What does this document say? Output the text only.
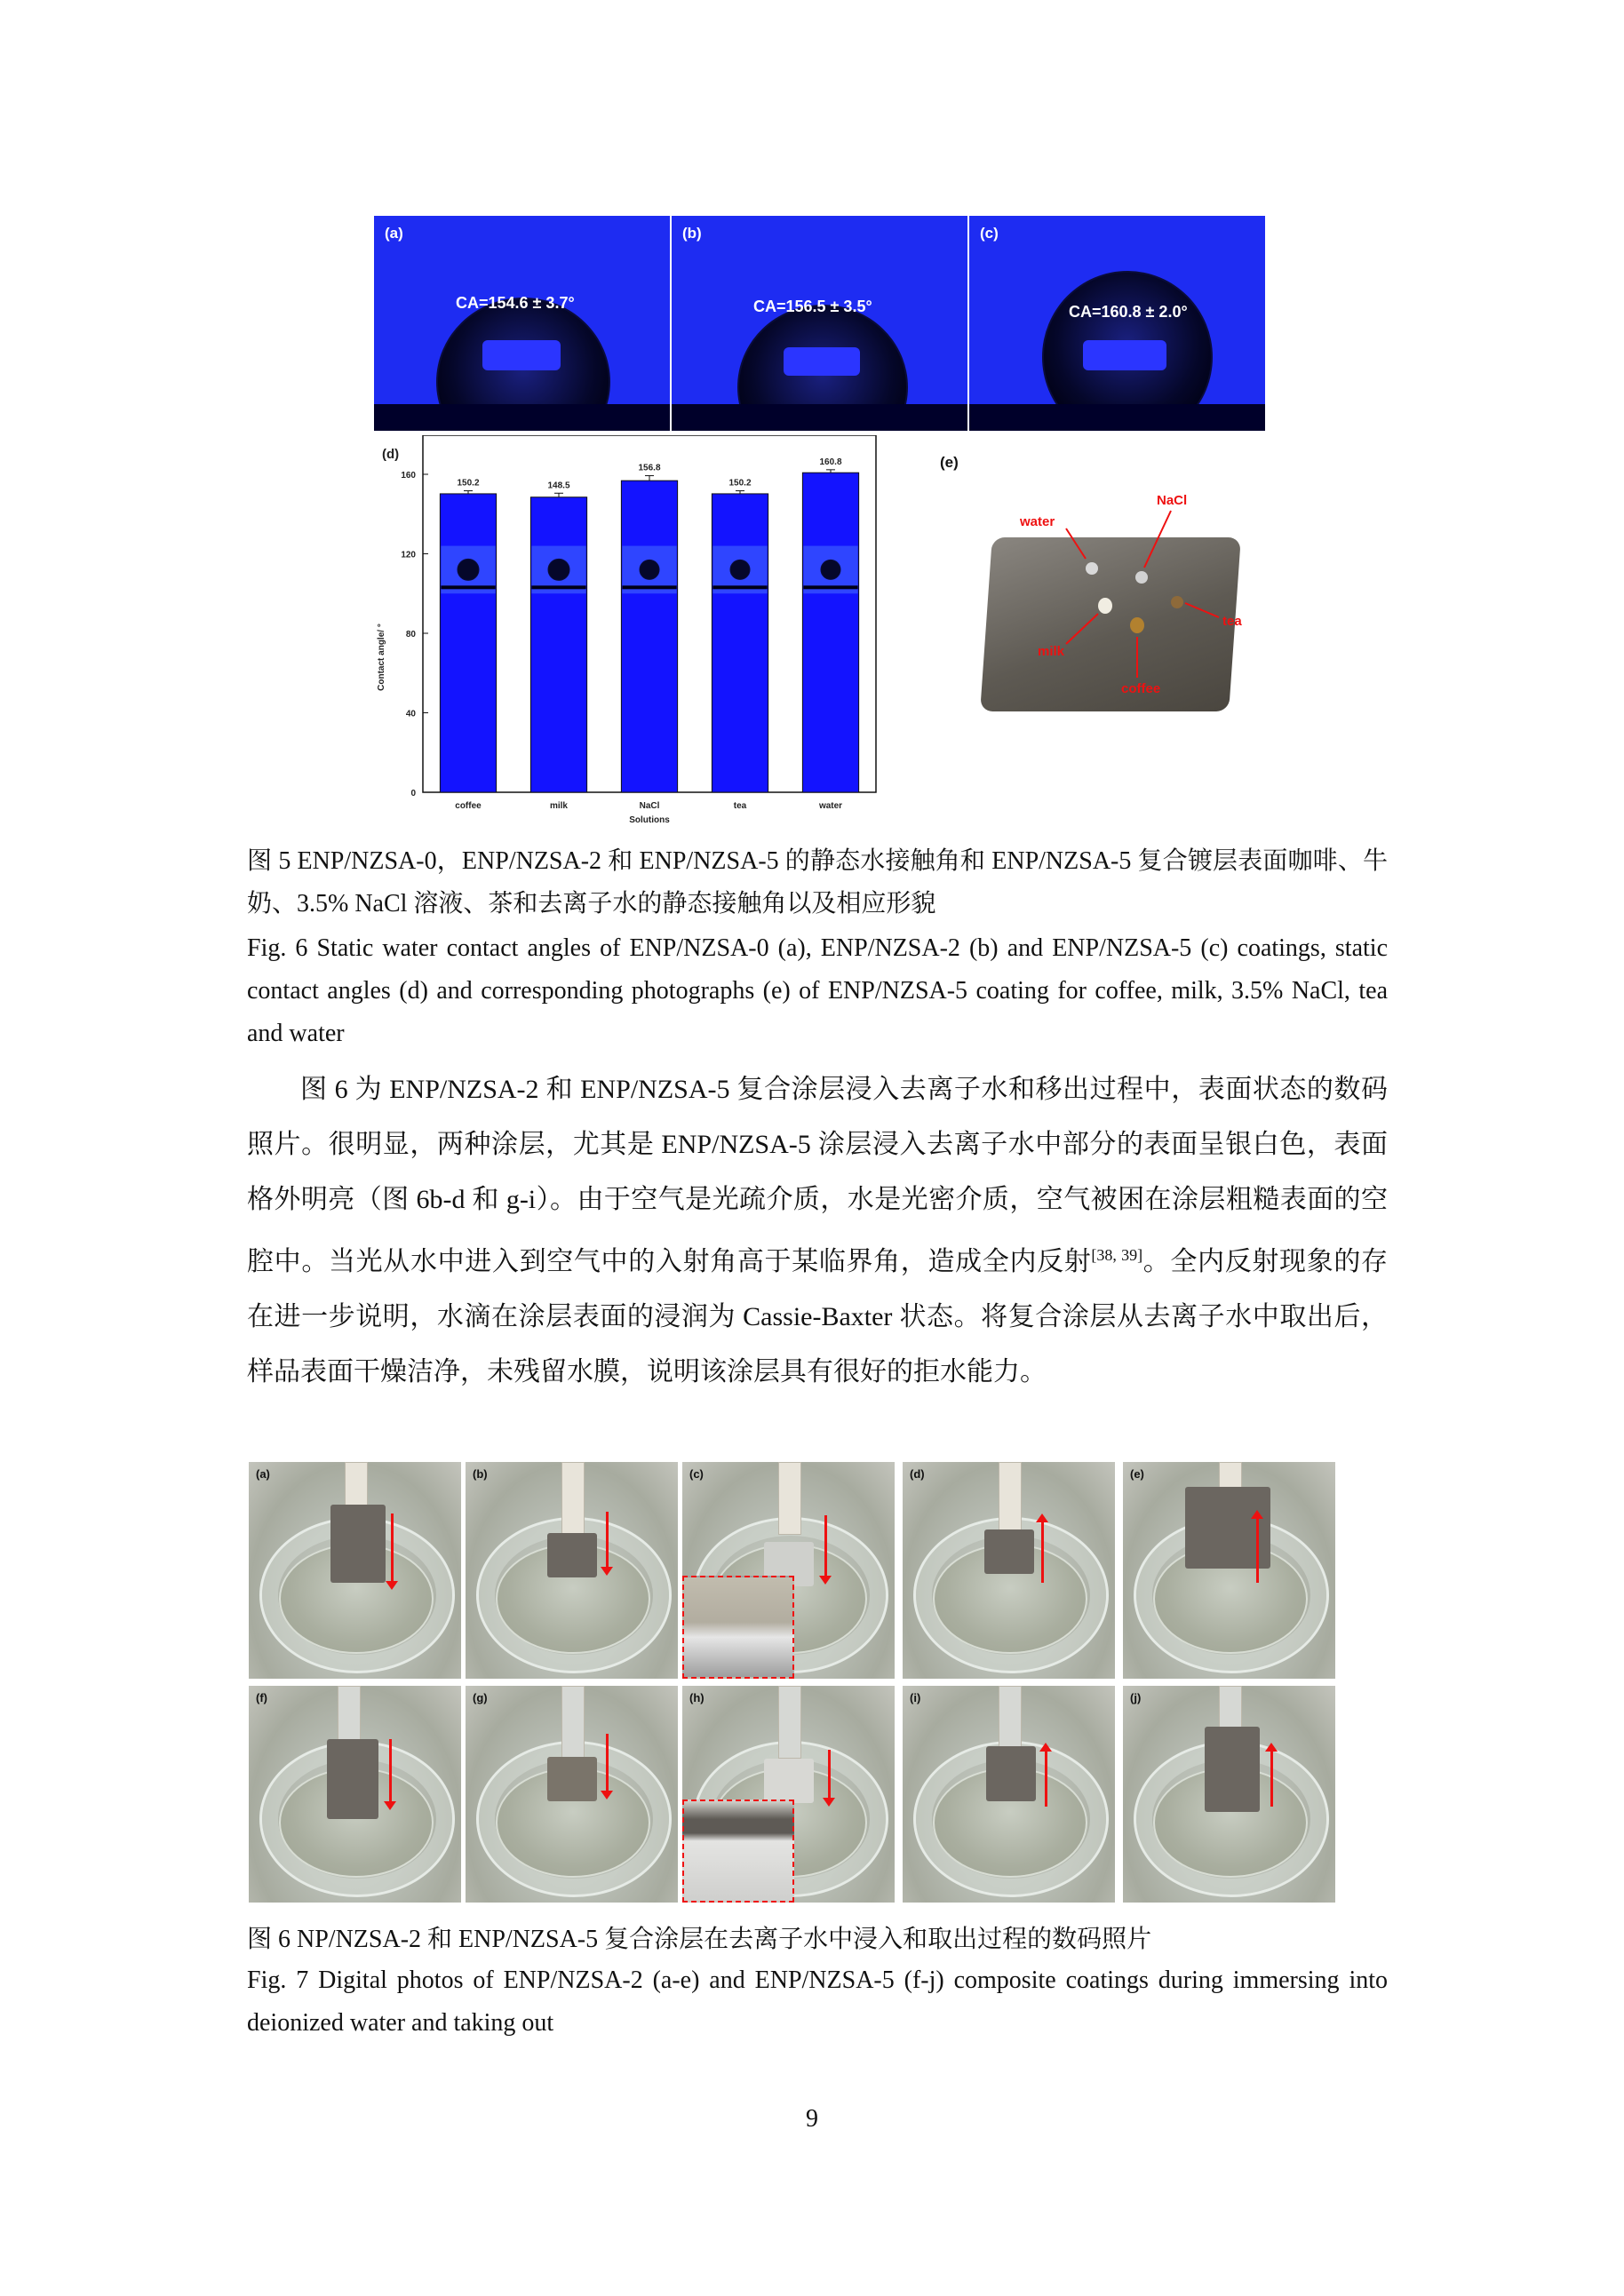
(a)
CA=154.6 ± 3.7°
(b)
CA=156.5 ± 3.5°
(c)
CA=160.8 ± 2.0°
(d)
150.2	148.5
156.8
150.2
160.8
0
40
80
120
160
coffee	milk	NaCl	tea	water
Contact angle/ °
Solutions
(e)
water
NaCl
tea
milk
coffee
图 5 ENP/NZSA-0，ENP/NZSA-2 和 ENP/NZSA-5 的静态水接触角和 ENP/NZSA-5 复合镀层表面咖啡、牛奶、3.5% NaCl 溶液、茶和去离子水的静态接触角以及相应形貌
Fig. 6 Static water contact angles of ENP/NZSA-0 (a), ENP/NZSA-2 (b) and ENP/NZSA-5 (c) coatings, static contact angles (d) and corresponding photographs (e) of ENP/NZSA-5 coating for coffee, milk, 3.5% NaCl, tea and water
图 6 为 ENP/NZSA-2 和 ENP/NZSA-5 复合涂层浸入去离子水和移出过程中，表面状态的数码照片。很明显，两种涂层，尤其是 ENP/NZSA-5 涂层浸入去离子水中部分的表面呈银白色，表面格外明亮（图 6b-d 和 g-i）。由于空气是光疏介质，水是光密介质，空气被困在涂层粗糙表面的空腔中。当光从水中进入到空气中的入射角高于某临界角，造成全内反射[38, 39]。全内反射现象的存在进一步说明，水滴在涂层表面的浸润为 Cassie-Baxter 状态。将复合涂层从去离子水中取出后，样品表面干燥洁净，未残留水膜，说明该涂层具有很好的拒水能力。
(a)	(b)	(c)	(d)	(e)
(f)	(g)	(h)	(i)	(j)
图 6 NP/NZSA-2 和 ENP/NZSA-5 复合涂层在去离子水中浸入和取出过程的数码照片
Fig. 7 Digital photos of ENP/NZSA-2 (a-e) and ENP/NZSA-5 (f-j) composite coatings during immersing into deionized water and taking out
9
